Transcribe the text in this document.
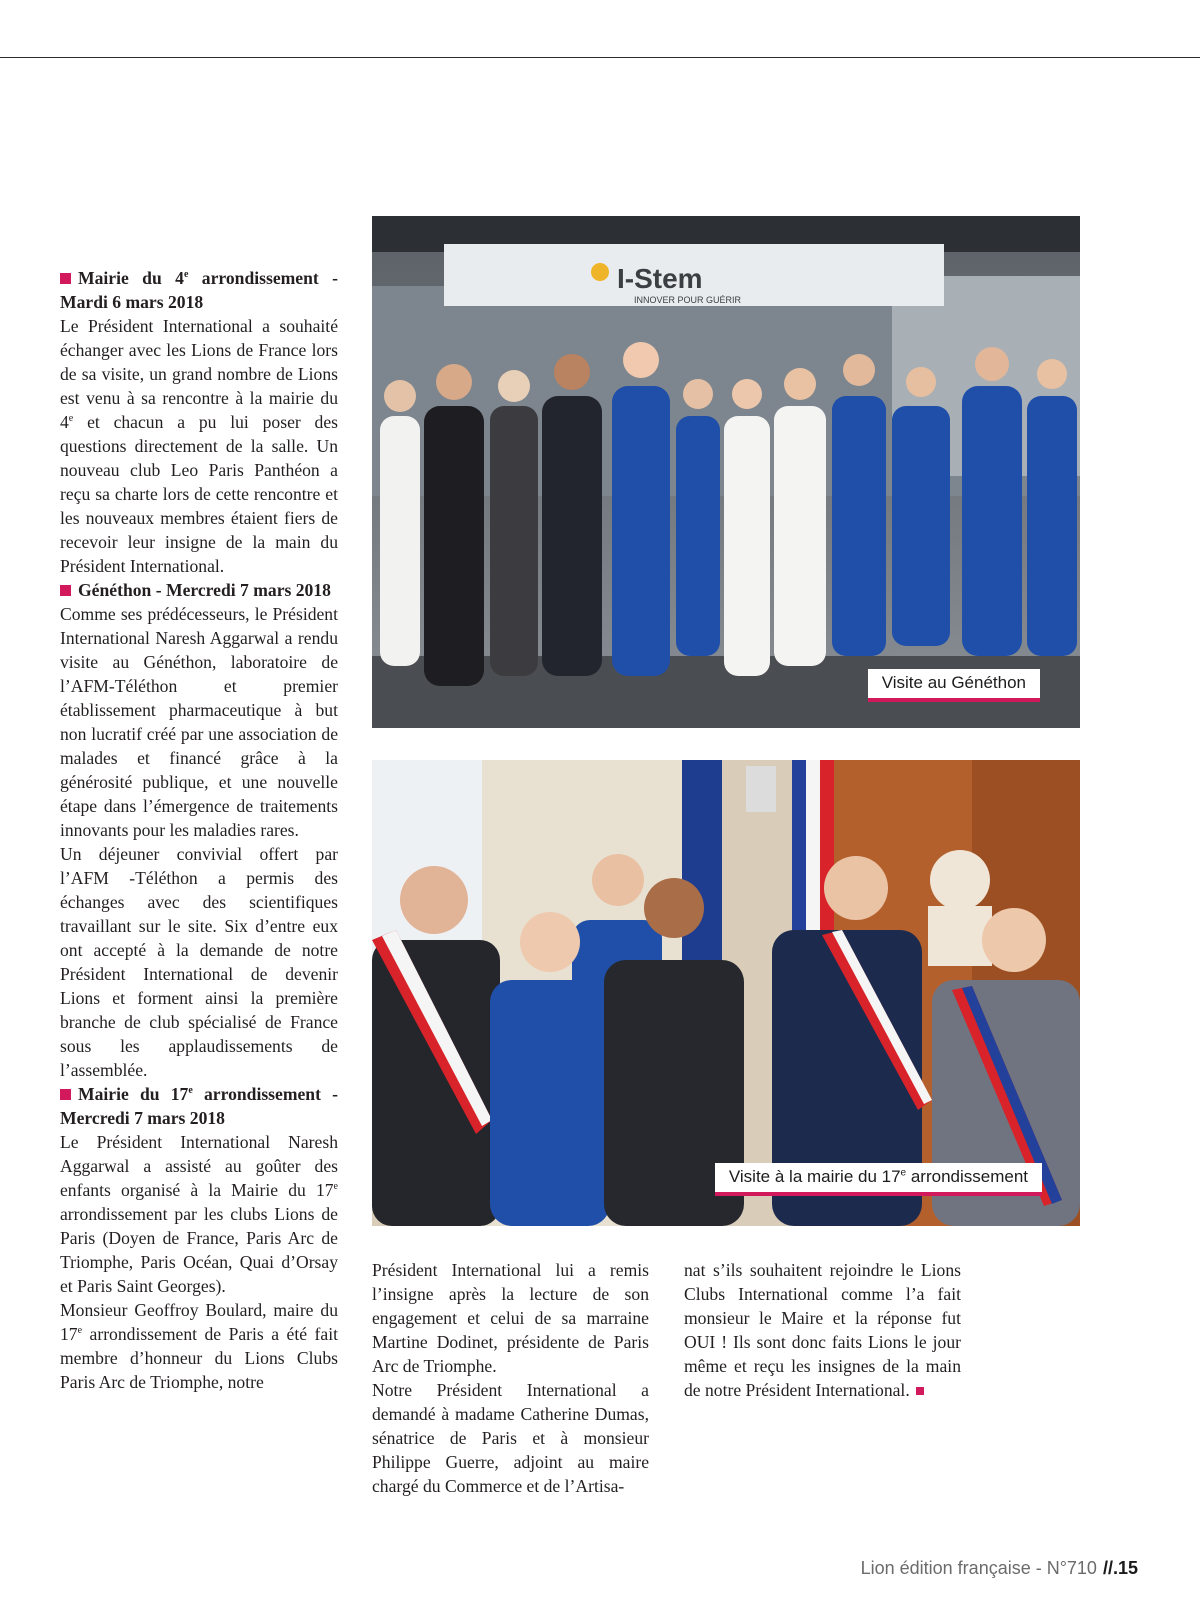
Mairie du 4e arrondissement - Mardi 6 mars 2018

Le Président International a souhaité échanger avec les Lions de France lors de sa visite, un grand nombre de Lions est venu à sa rencontre à la mairie du 4e et chacun a pu lui poser des questions directement de la salle. Un nouveau club Leo Paris Panthéon a reçu sa charte lors de cette rencontre et les nouveaux membres étaient fiers de recevoir leur insigne de la main du Président International.

Généthon - Mercredi 7 mars 2018

Comme ses prédécesseurs, le Président International Naresh Aggarwal a rendu visite au Généthon, laboratoire de l’AFM-Téléthon et premier établissement pharmaceutique à but non lucratif créé par une association de malades et financé grâce à la générosité publique, et une nouvelle étape dans l’émergence de traitements innovants pour les maladies rares.

Un déjeuner convivial offert par l’AFM -Téléthon a permis des échanges avec des scientifiques travaillant sur le site. Six d’entre eux ont accepté à la demande de notre Président International de devenir Lions et forment ainsi la première branche de club spécialisé de France sous les applaudissements de l’assemblée.

Mairie du 17e arrondissement - Mercredi 7 mars 2018

Le Président International Naresh Aggarwal a assisté au goûter des enfants organisé à la Mairie du 17e arrondissement par les clubs Lions de Paris (Doyen de France, Paris Arc de Triomphe, Paris Océan, Quai d’Orsay et Paris Saint Georges).

Monsieur Geoffroy Boulard, maire du 17e arrondissement de Paris a été fait membre d’honneur du Lions Clubs Paris Arc de Triomphe, notre

I-Stem
INNOVER POUR GUÉRIR
Visite au Généthon
Visite à la mairie du 17e arrondissement

Président International lui a remis l’insigne après la lecture de son engagement et celui de sa marraine Martine Dodinet, présidente de Paris Arc de Triomphe.

Notre Président International a demandé à madame Catherine Dumas, sénatrice de Paris et à monsieur Philippe Guerre, adjoint au maire chargé du Commerce et de l’Artisa-

nat s’ils souhaitent rejoindre le Lions Clubs International comme l’a fait monsieur le Maire et la réponse fut OUI ! Ils sont donc faits Lions le jour même et reçu les insignes de la main de notre Président International.

Lion édition française - N°710 //.15
